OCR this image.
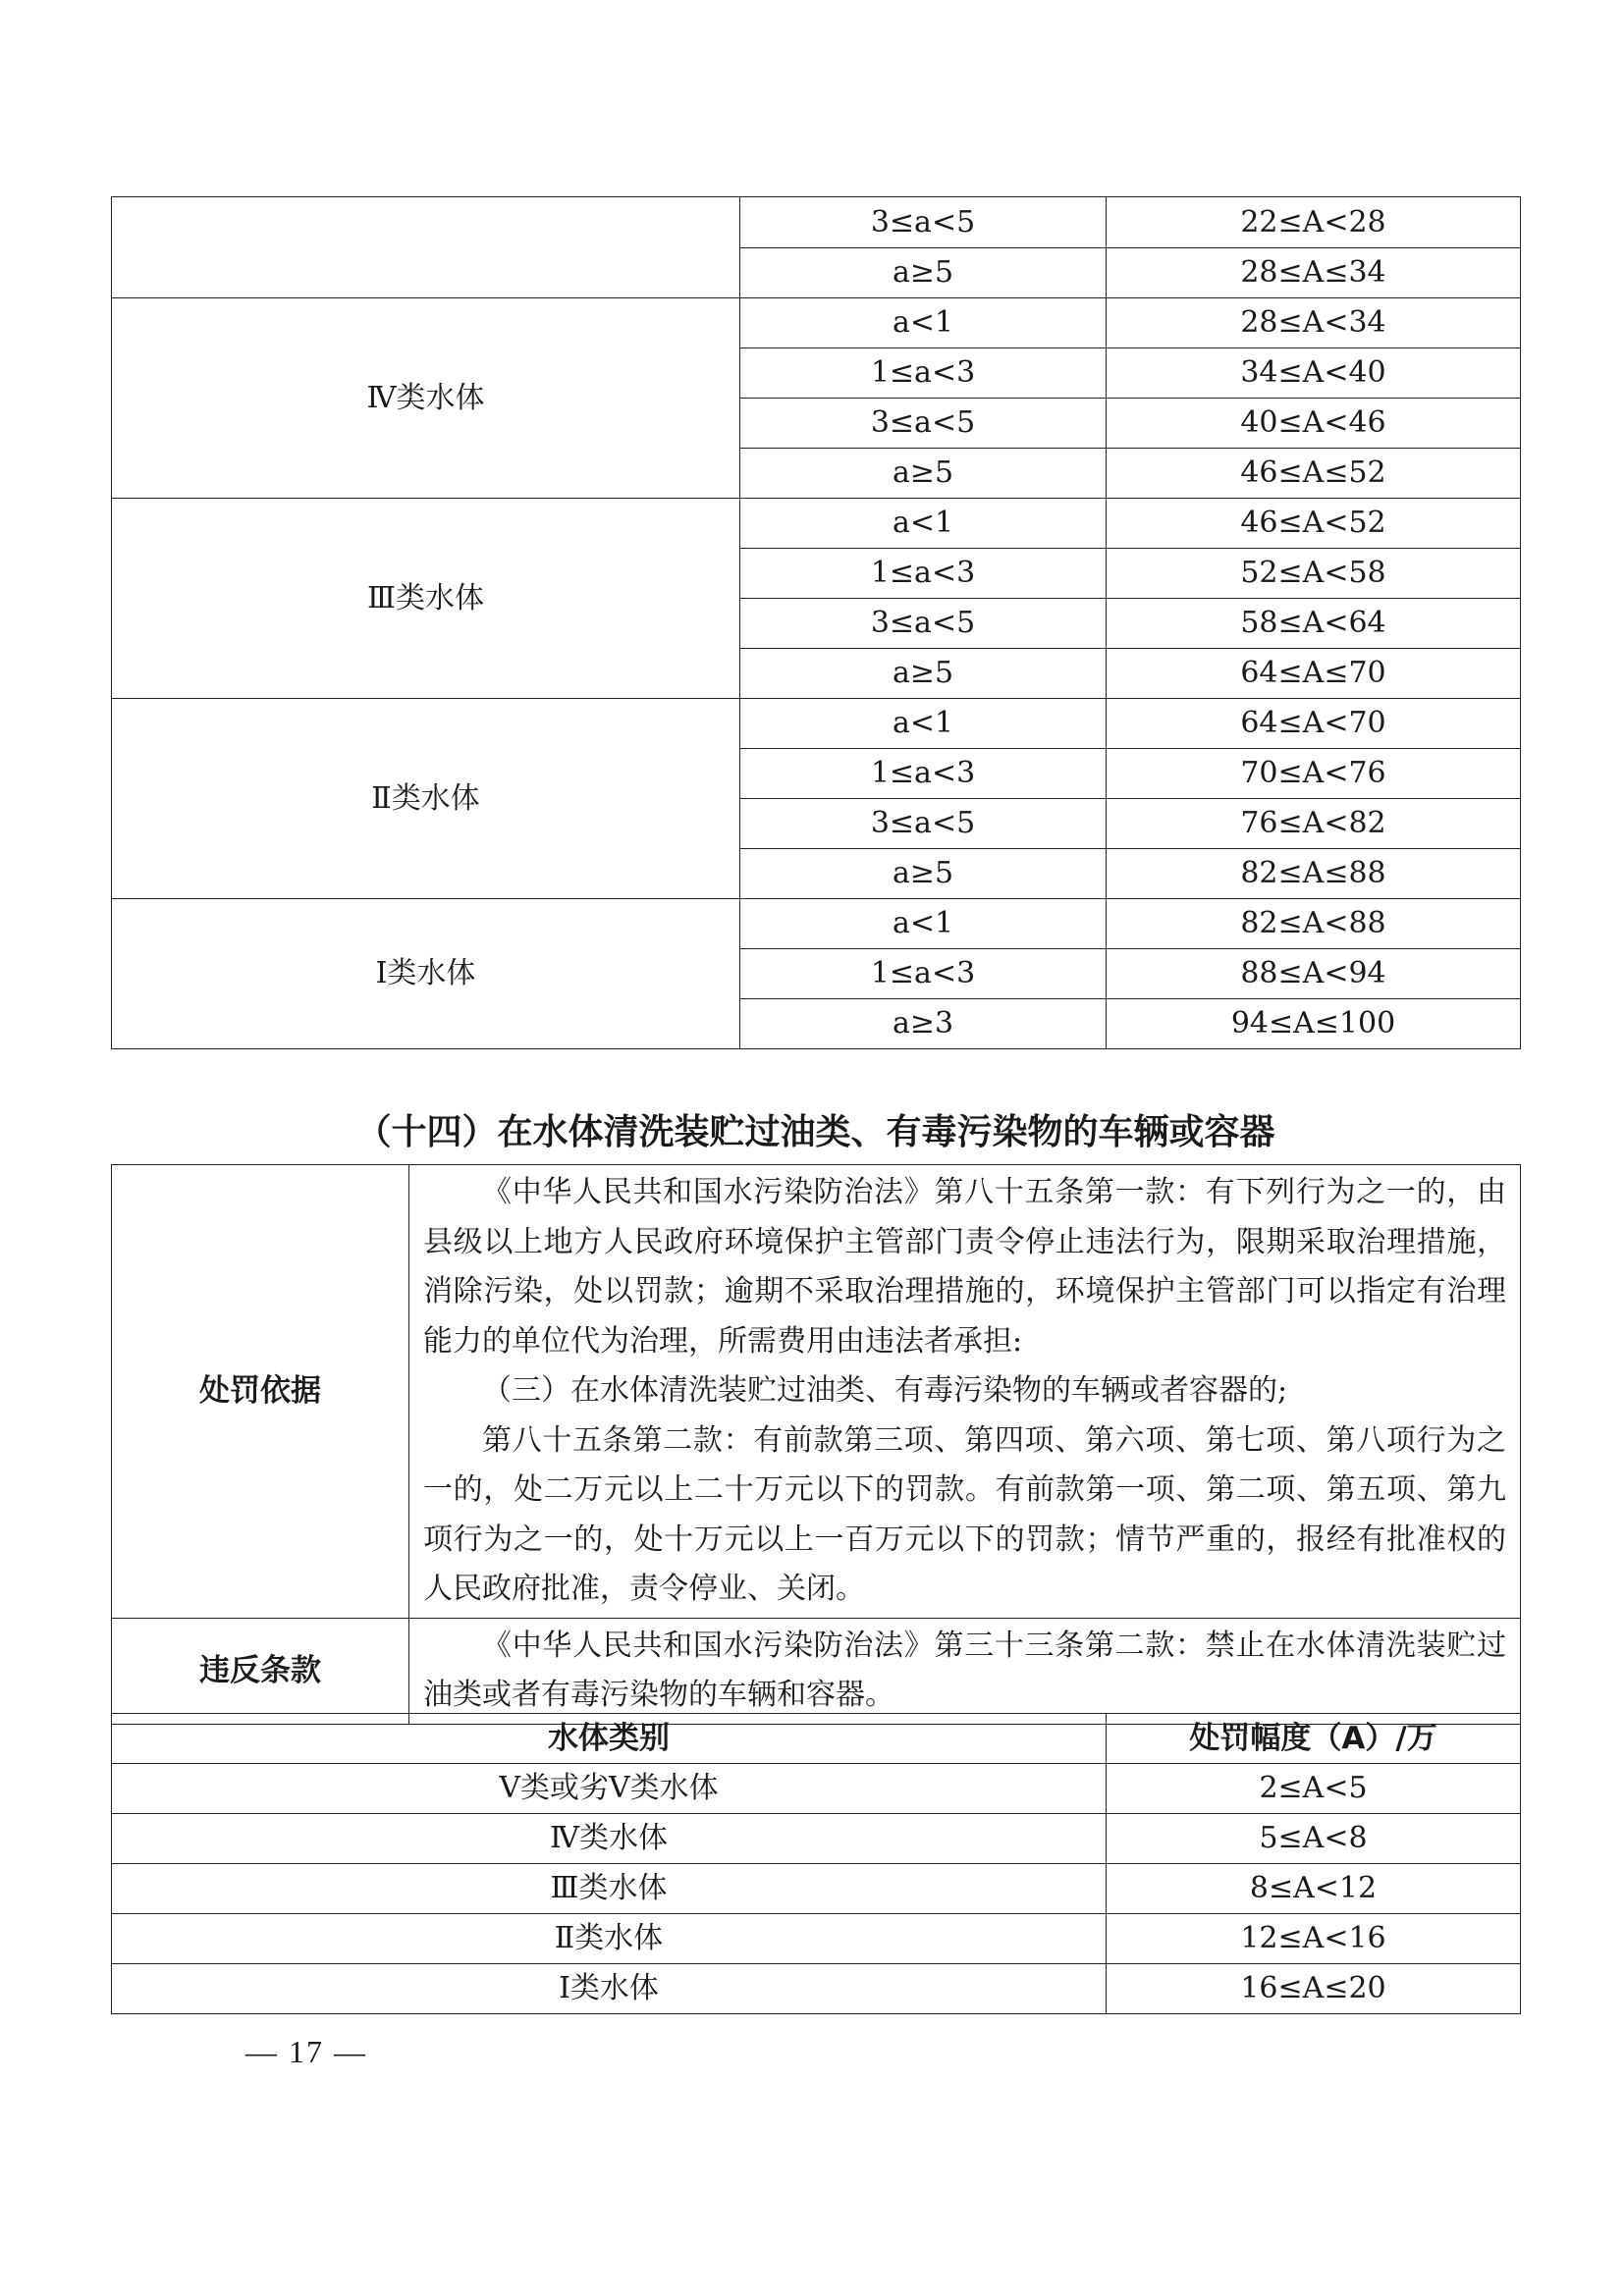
	3≤a<5	22≤A<28
	a≥5	28≤A≤34
Ⅳ类水体	a<1	28≤A<34
	1≤a<3	34≤A<40
	3≤a<5	40≤A<46
	a≥5	46≤A≤52
Ⅲ类水体	a<1	46≤A<52
	1≤a<3	52≤A<58
	3≤a<5	58≤A<64
	a≥5	64≤A≤70
Ⅱ类水体	a<1	64≤A<70
	1≤a<3	70≤A<76
	3≤a<5	76≤A<82
	a≥5	82≤A≤88
Ⅰ类水体	a<1	82≤A<88
	1≤a<3	88≤A<94
	a≥3	94≤A≤100
（十四）在水体清洗装贮过油类、有毒污染物的车辆或容器
处罚依据	《中华人民共和国水污染防治法》第八十五条第一款：有下列行为之一的，由县级以上地方人民政府环境保护主管部门责令停止违法行为，限期采取治理措施，消除污染，处以罚款；逾期不采取治理措施的，环境保护主管部门可以指定有治理能力的单位代为治理，所需费用由违法者承担:

（三）在水体清洗装贮过油类、有毒污染物的车辆或者容器的;

第八十五条第二款：有前款第三项、第四项、第六项、第七项、第八项行为之一的，处二万元以上二十万元以下的罚款。有前款第一项、第二项、第五项、第九项行为之一的，处十万元以上一百万元以下的罚款；情节严重的，报经有批准权的人民政府批准，责令停业、关闭。

违反条款	《中华人民共和国水污染防治法》第三十三条第二款：禁止在水体清洗装贮过油类或者有毒污染物的车辆和容器。

水体类别	处罚幅度（A）/万
Ⅴ类或劣Ⅴ类水体	2≤A<5
Ⅳ类水体	5≤A<8
Ⅲ类水体	8≤A<12
Ⅱ类水体	12≤A<16
Ⅰ类水体	16≤A≤20
— 17 —
